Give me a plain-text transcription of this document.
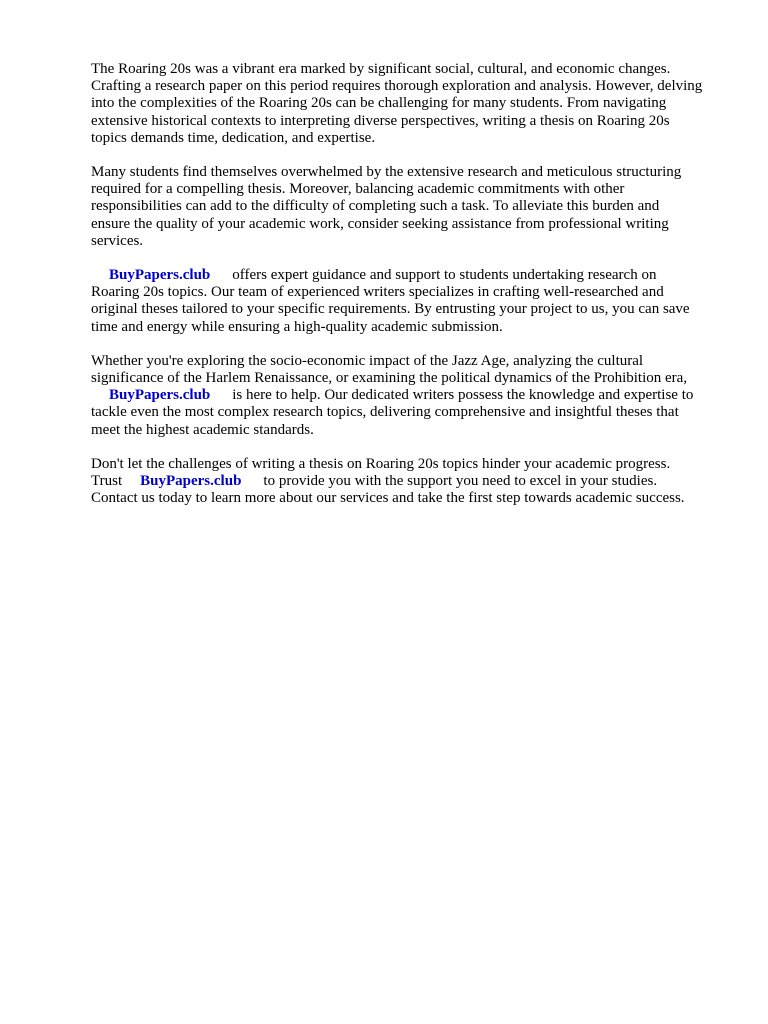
The Roaring 20s was a vibrant era marked by significant social, cultural, and economic changes.
Crafting a research paper on this period requires thorough exploration and analysis. However, delving
into the complexities of the Roaring 20s can be challenging for many students. From navigating
extensive historical contexts to interpreting diverse perspectives, writing a thesis on Roaring 20s
topics demands time, dedication, and expertise.

Many students find themselves overwhelmed by the extensive research and meticulous structuring
required for a compelling thesis. Moreover, balancing academic commitments with other
responsibilities can add to the difficulty of completing such a task. To alleviate this burden and
ensure the quality of your academic work, consider seeking assistance from professional writing
services.

BuyPapers.club offers expert guidance and support to students undertaking research on
Roaring 20s topics. Our team of experienced writers specializes in crafting well-researched and
original theses tailored to your specific requirements. By entrusting your project to us, you can save
time and energy while ensuring a high-quality academic submission.

Whether you're exploring the socio-economic impact of the Jazz Age, analyzing the cultural
significance of the Harlem Renaissance, or examining the political dynamics of the Prohibition era,
BuyPapers.club is here to help. Our dedicated writers possess the knowledge and expertise to
tackle even the most complex research topics, delivering comprehensive and insightful theses that
meet the highest academic standards.

Don't let the challenges of writing a thesis on Roaring 20s topics hinder your academic progress.
Trust BuyPapers.club to provide you with the support you need to excel in your studies.
Contact us today to learn more about our services and take the first step towards academic success.
